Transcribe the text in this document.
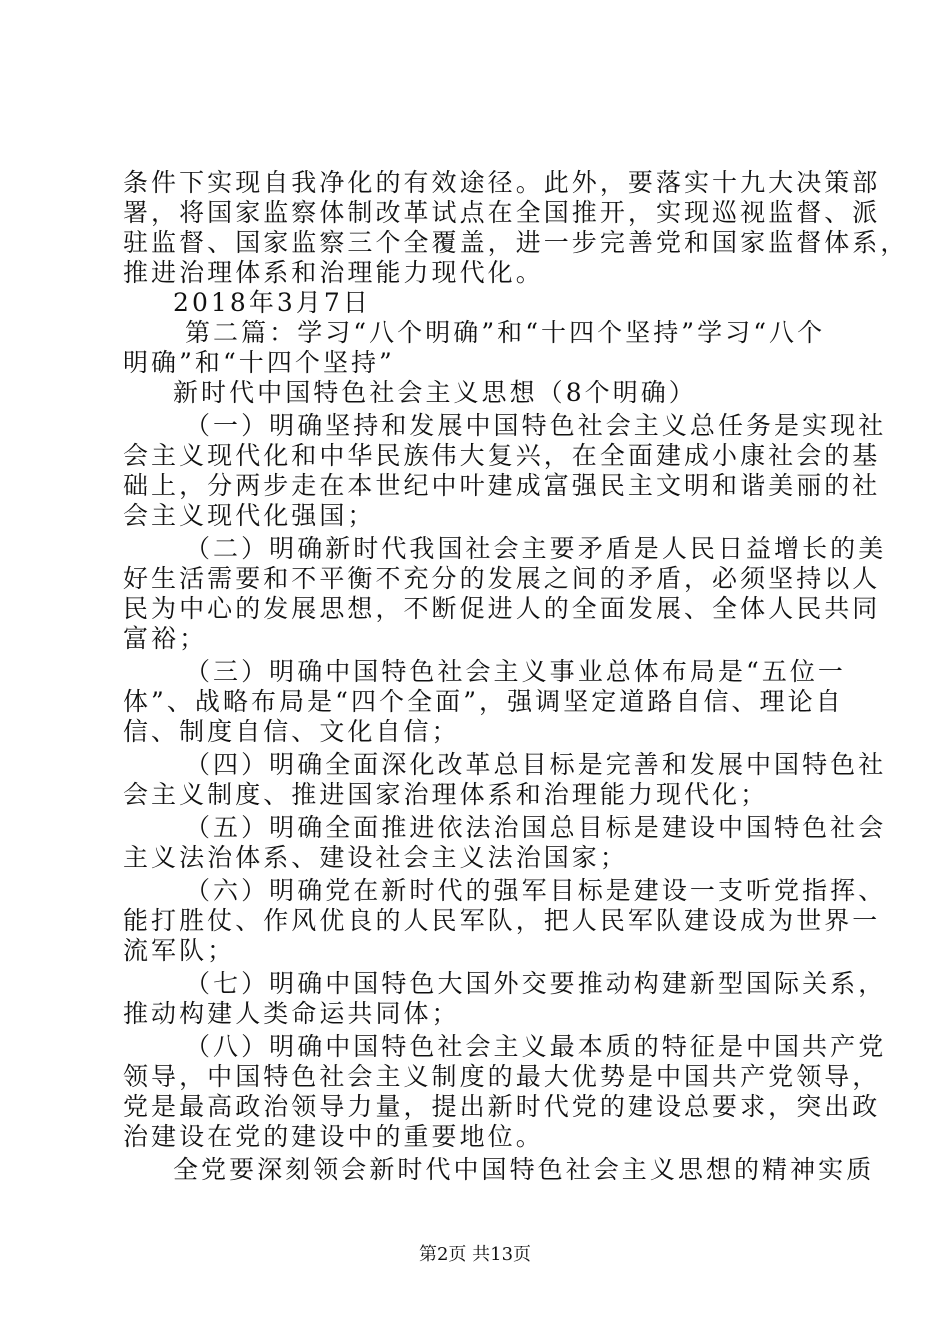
条件下实现自我净化的有效途径。此外，要落实十九大决策部

署，将国家监察体制改革试点在全国推开，实现巡视监督、派

驻监督、国家监察三个全覆盖，进一步完善党和国家监督体系，

推进治理体系和治理能力现代化。

2018年3月7日

第二篇：学习“八个明确”和“十四个坚持”学习“八个

明确”和“十四个坚持”

新时代中国特色社会主义思想（8个明确）

（一）明确坚持和发展中国特色社会主义总任务是实现社

会主义现代化和中华民族伟大复兴，在全面建成小康社会的基

础上，分两步走在本世纪中叶建成富强民主文明和谐美丽的社

会主义现代化强国；

（二）明确新时代我国社会主要矛盾是人民日益增长的美

好生活需要和不平衡不充分的发展之间的矛盾，必须坚持以人

民为中心的发展思想，不断促进人的全面发展、全体人民共同

富裕；

（三）明确中国特色社会主义事业总体布局是“五位一

体”、战略布局是“四个全面”，强调坚定道路自信、理论自

信、制度自信、文化自信；

（四）明确全面深化改革总目标是完善和发展中国特色社

会主义制度、推进国家治理体系和治理能力现代化；

（五）明确全面推进依法治国总目标是建设中国特色社会

主义法治体系、建设社会主义法治国家；

（六）明确党在新时代的强军目标是建设一支听党指挥、

能打胜仗、作风优良的人民军队，把人民军队建设成为世界一

流军队；

（七）明确中国特色大国外交要推动构建新型国际关系，

推动构建人类命运共同体；

（八）明确中国特色社会主义最本质的特征是中国共产党

领导，中国特色社会主义制度的最大优势是中国共产党领导，

党是最高政治领导力量，提出新时代党的建设总要求，突出政

治建设在党的建设中的重要地位。

全党要深刻领会新时代中国特色社会主义思想的精神实质

第2页 共13页
